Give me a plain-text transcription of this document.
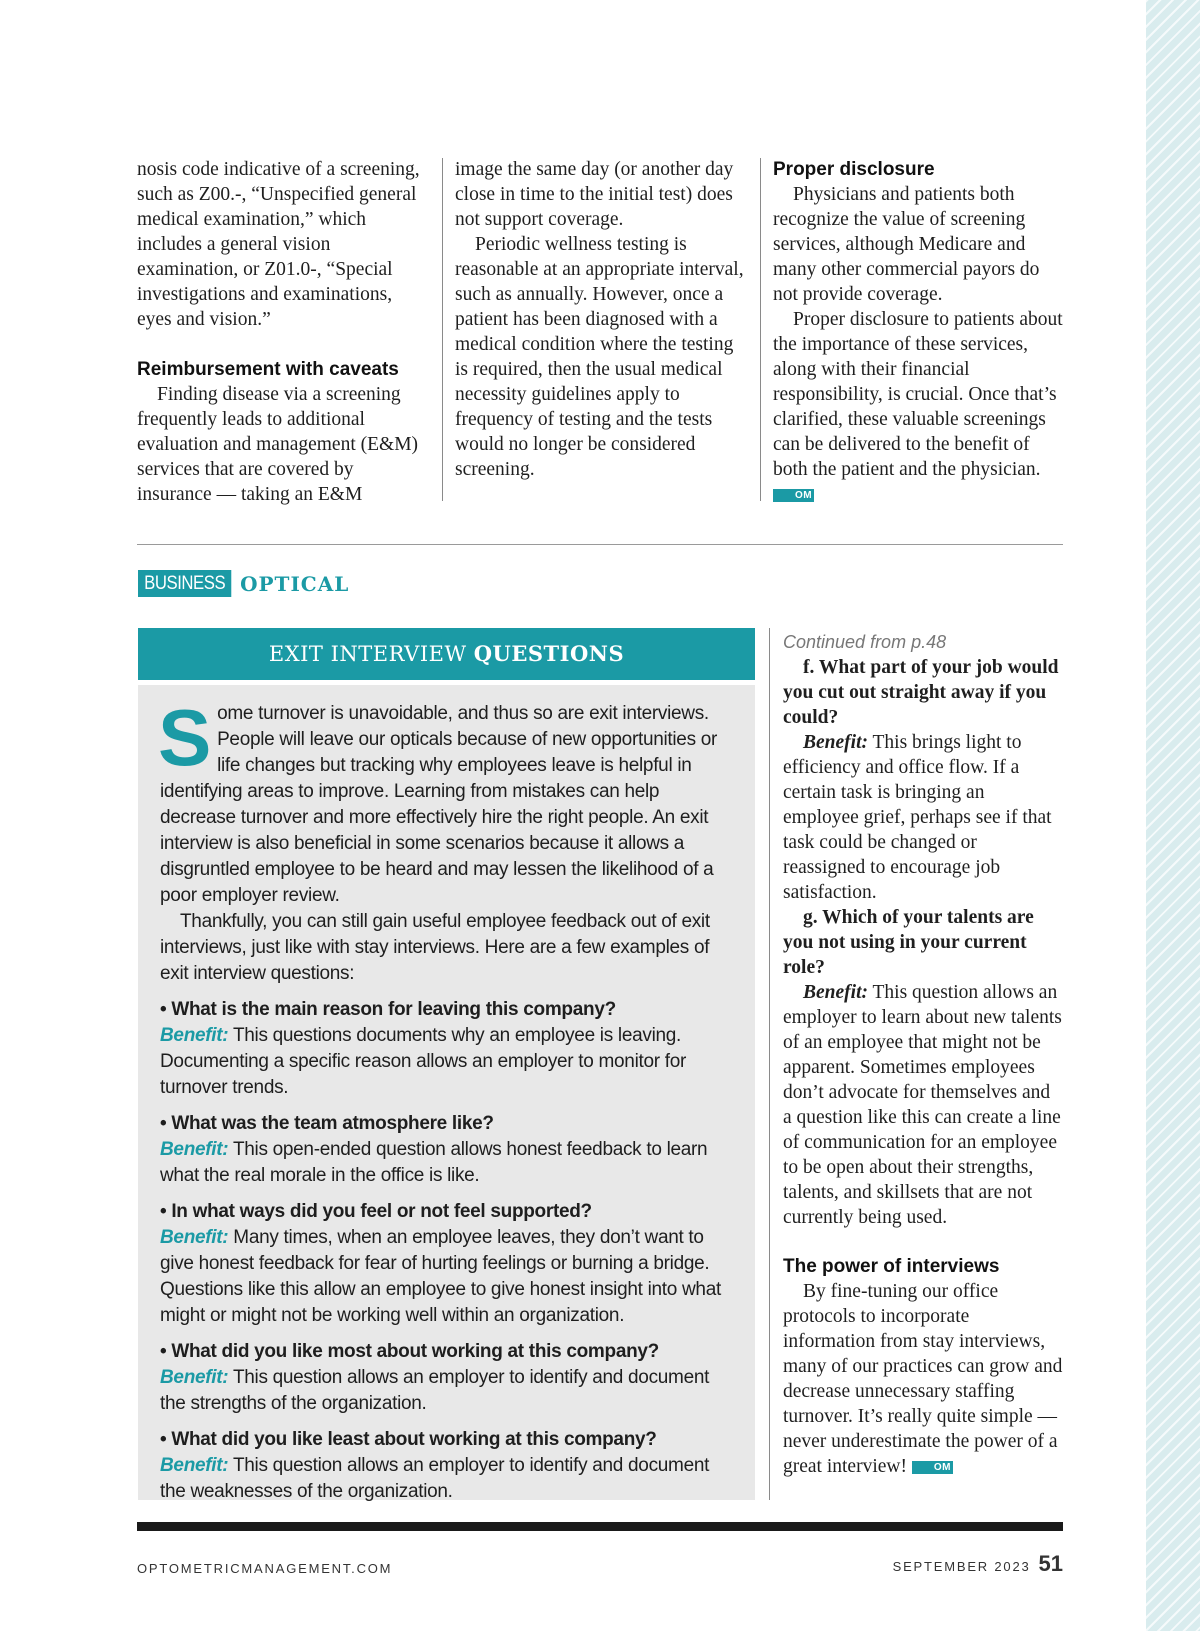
nosis code indicative of a screening, such as Z00.-, “Unspecified general medical examination,” which includes a general vision examination, or Z01.0-, “Special investigations and examinations, eyes and vision.”

Reimbursement with caveats

Finding disease via a screening frequently leads to additional evaluation and management (E&M) services that are covered by insurance — taking an E&M

image the same day (or another day close in time to the initial test) does not support coverage.

Periodic wellness testing is reasonable at an appropriate interval, such as annually. However, once a patient has been diagnosed with a medical condition where the testing is required, then the usual medical necessity guidelines apply to frequency of testing and the tests would no longer be considered screening.

Proper disclosure

Physicians and patients both recognize the value of screening services, although Medicare and many other commercial payors do not provide coverage.

Proper disclosure to patients about the importance of these services, along with their financial responsibility, is crucial. Once that’s clarified, these valuable screenings can be delivered to the benefit of both the patient and the physician. OM

BUSINESS OPTICAL
EXIT INTERVIEW QUESTIONS

Some turnover is unavoidable, and thus so are exit interviews. People will leave our opticals because of new opportunities or life changes but tracking why employees leave is helpful in identifying areas to improve. Learning from mistakes can help decrease turnover and more effectively hire the right people. An exit interview is also beneficial in some scenarios because it allows a disgruntled employee to be heard and may lessen the likelihood of a poor employer review.

Thankfully, you can still gain useful employee feedback out of exit interviews, just like with stay interviews. Here are a few examples of exit interview questions:

• What is the main reason for leaving this company?
Benefit: This questions documents why an employee is leaving. Documenting a specific reason allows an employer to monitor for turnover trends.
• What was the team atmosphere like?
Benefit: This open-ended question allows honest feedback to learn what the real morale in the office is like.
• In what ways did you feel or not feel supported?
Benefit: Many times, when an employee leaves, they don’t want to give honest feedback for fear of hurting feelings or burning a bridge. Questions like this allow an employee to give honest insight into what might or might not be working well within an organization.
• What did you like most about working at this company?
Benefit: This question allows an employer to identify and document the strengths of the organization.
• What did you like least about working at this company?
Benefit: This question allows an employer to identify and document the weaknesses of the organization.

Continued from p.48

f. What part of your job would you cut out straight away if you could?

Benefit: This brings light to efficiency and office flow. If a certain task is bringing an employee grief, perhaps see if that task could be changed or reassigned to encourage job satisfaction.

g. Which of your talents are you not using in your current role?

Benefit: This question allows an employer to learn about new talents of an employee that might not be apparent. Sometimes employees don’t advocate for themselves and a question like this can create a line of communication for an employee to be open about their strengths, talents, and skillsets that are not currently being used.

The power of interviews

By fine-tuning our office protocols to incorporate information from stay interviews, many of our practices can grow and decrease unnecessary staffing turnover. It’s really quite simple — never underestimate the power of a great interview!	OM

OPTOMETRICMANAGEMENT.COM	SEPTEMBER 2023 51
